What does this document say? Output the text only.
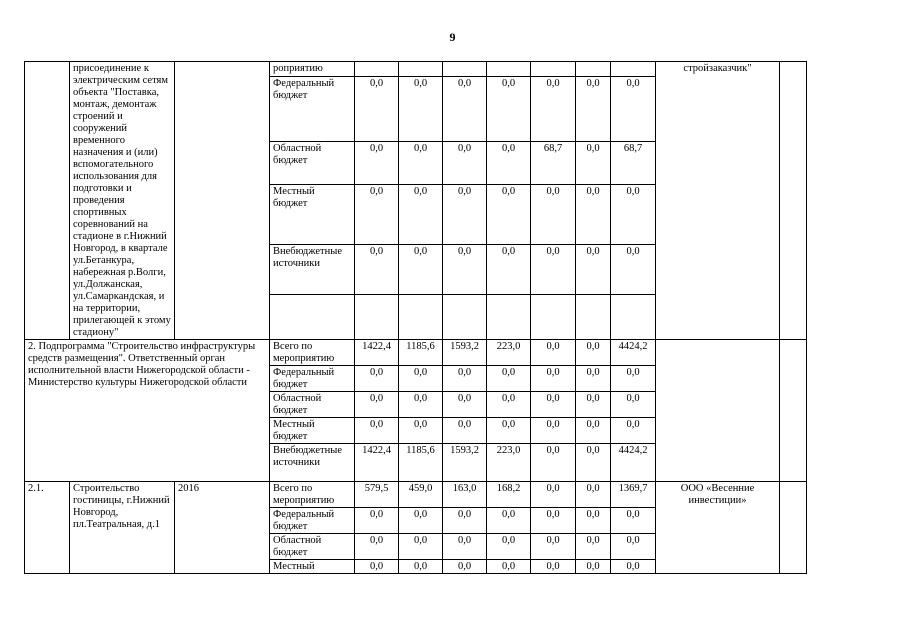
9
	присоединение к электрическим сетям объекта "Поставка, монтаж, демонтаж строений и сооружений временного назначения и (или) вспомогательного использования для подготовки и проведения спортивных соревнований на стадионе в г.Нижний Новгород, в квартале ул.Бетанкура, набережная р.Волги, ул.Должанская, ул.Самаркандская, и на территории, прилегающей к этому стадиону"		роприятию								стройзаказчик"	
			Федеральный бюджет	0,0	0,0	0,0	0,0	0,0	0,0	0,0		
			Областной бюджет	0,0	0,0	0,0	0,0	68,7	0,0	68,7		
			Местный бюджет	0,0	0,0	0,0	0,0	0,0	0,0	0,0		
			Внебюджетные источники	0,0	0,0	0,0	0,0	0,0	0,0	0,0		

2. Подпрограмма "Строительство инфраструктуры средств размещения". Ответственный орган исполнительной власти Нижегородской области - Министерство культуры Нижегородской области			Всего по мероприятию	1422,4	1185,6	1593,2	223,0	0,0	0,0	4424,2		
			Федеральный бюджет	0,0	0,0	0,0	0,0	0,0	0,0	0,0		
			Областной бюджет	0,0	0,0	0,0	0,0	0,0	0,0	0,0		
			Местный бюджет	0,0	0,0	0,0	0,0	0,0	0,0	0,0		
			Внебюджетные источники	1422,4	1185,6	1593,2	223,0	0,0	0,0	4424,2		
2.1.	Строительство гостиницы, г.Нижний Новгород, пл.Театральная, д.1	2016	Всего по мероприятию	579,5	459,0	163,0	168,2	0,0	0,0	1369,7	ООО «Весенние инвестиции»	
			Федеральный бюджет	0,0	0,0	0,0	0,0	0,0	0,0	0,0		
			Областной бюджет	0,0	0,0	0,0	0,0	0,0	0,0	0,0		
			Местный	0,0	0,0	0,0	0,0	0,0	0,0	0,0		
